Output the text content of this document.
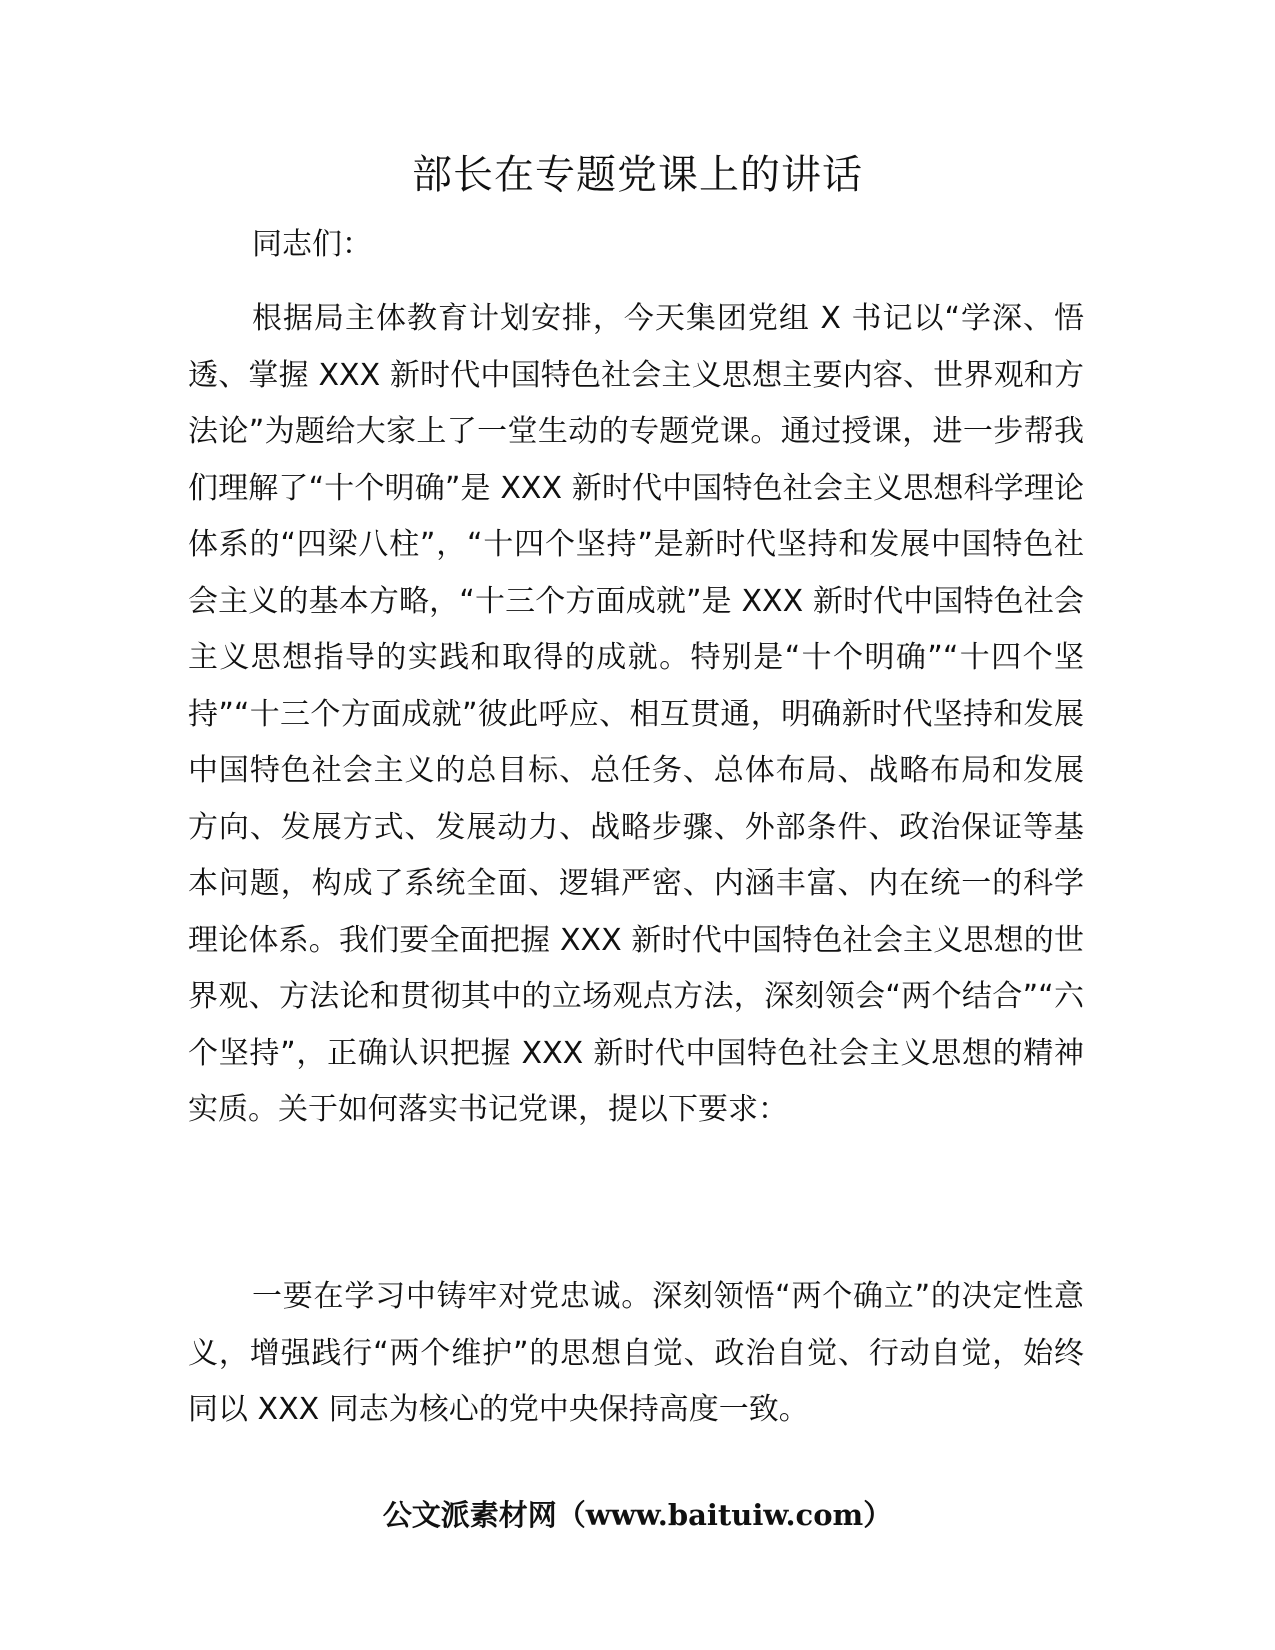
部长在专题党课上的讲话

同志们：

根据局主体教育计划安排，今天集团党组 X 书记以“学深、悟透、掌握 XXX 新时代中国特色社会主义思想主要内容、世界观和方法论”为题给大家上了一堂生动的专题党课。通过授课，进一步帮我们理解了“十个明确”是 XXX 新时代中国特色社会主义思想科学理论体系的“四梁八柱”，“十四个坚持”是新时代坚持和发展中国特色社会主义的基本方略，“十三个方面成就”是 XXX 新时代中国特色社会主义思想指导的实践和取得的成就。特别是“十个明确”“十四个坚持”“十三个方面成就”彼此呼应、相互贯通，明确新时代坚持和发展中国特色社会主义的总目标、总任务、总体布局、战略布局和发展方向、发展方式、发展动力、战略步骤、外部条件、政治保证等基本问题，构成了系统全面、逻辑严密、内涵丰富、内在统一的科学理论体系。我们要全面把握 XXX 新时代中国特色社会主义思想的世界观、方法论和贯彻其中的立场观点方法，深刻领会“两个结合”“六个坚持”，正确认识把握 XXX 新时代中国特色社会主义思想的精神实质。关于如何落实书记党课，提以下要求：

一要在学习中铸牢对党忠诚。深刻领悟“两个确立”的决定性意义，增强践行“两个维护”的思想自觉、政治自觉、行动自觉，始终同以 XXX 同志为核心的党中央保持高度一致。

公文派素材网（www.baituiw.com）
